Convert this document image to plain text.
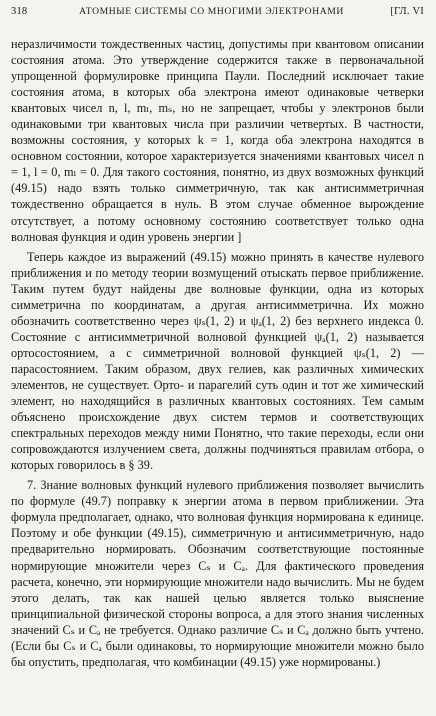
318	АТОМНЫЕ СИСТЕМЫ СО МНОГИМИ ЭЛЕКТРОНАМИ	[ГЛ. VI

неразличимости тождественных частиц, допустимы при квантовом описании состояния атома. Это утверждение содержится также в первоначальной упрощенной формулировке принципа Паули. Последний исключает такие состояния атома, в которых оба электрона имеют одинаковые четверки квантовых чисел n, l, mₗ, mₛ, но не запрещает, чтобы у электронов были одинаковыми три квантовых числа при различии четвертых. В частности, возможны состояния, у которых k = 1, когда оба электрона находятся в основном состоянии, которое характеризуется значениями квантовых чисел n = 1, l = 0, mₗ = 0. Для такого состояния, понятно, из двух возможных функций (49.15) надо взять только симметричную, так как антисимметричная тождественно обращается в нуль. В этом случае обменное вырождение отсутствует, а потому основному состоянию соответствует только одна волновая функция и один уровень энергии ]

Теперь каждое из выражений (49.15) можно принять в качестве нулевого приближения и по методу теории возмущений отыскать первое приближение. Таким путем будут найдены две волновые функции, одна из которых симметрична по координатам, а другая антисимметрична. Их можно обозначить соответственно через ψₛ(1, 2) и ψₐ(1, 2) без верхнего индекса 0. Состояние с антисимметричной волновой функцией ψₐ(1, 2) называется ортосостоянием, а с симметричной волновой функцией ψₛ(1, 2) — парасостоянием. Таким образом, двух гелиев, как различных химических элементов, не существует. Орто- и парагелий суть один и тот же химический элемент, но находящийся в различных квантовых состояниях. Тем самым объяснено происхождение двух систем термов и соответствующих спектральных переходов между ними Понятно, что такие переходы, если они сопровождаются излучением света, должны подчиняться правилам отбора, о которых говорилось в § 39.

7. Знание волновых функций нулевого приближения позволяет вычислить по формуле (49.7) поправку к энергии атома в первом приближении. Эта формула предполагает, однако, что волновая функция нормирована к единице. Поэтому и обе функции (49.15), симметричную и антисимметричную, надо предварительно нормировать. Обозначим соответствующие постоянные нормирующие множители через Cₛ и Cₐ. Для фактического проведения расчета, конечно, эти нормирующие множители надо вычислить. Мы не будем этого делать, так как нашей целью является только выяснение принципиальной физической стороны вопроса, а для этого знания численных значений Cₛ и Cₐ не требуется. Однако различие Cₛ и Cₐ должно быть учтено. (Если бы Cₛ и Cₐ были одинаковы, то нормирующие множители можно было бы опустить, предполагая, что комбинации (49.15) уже нормированы.)
